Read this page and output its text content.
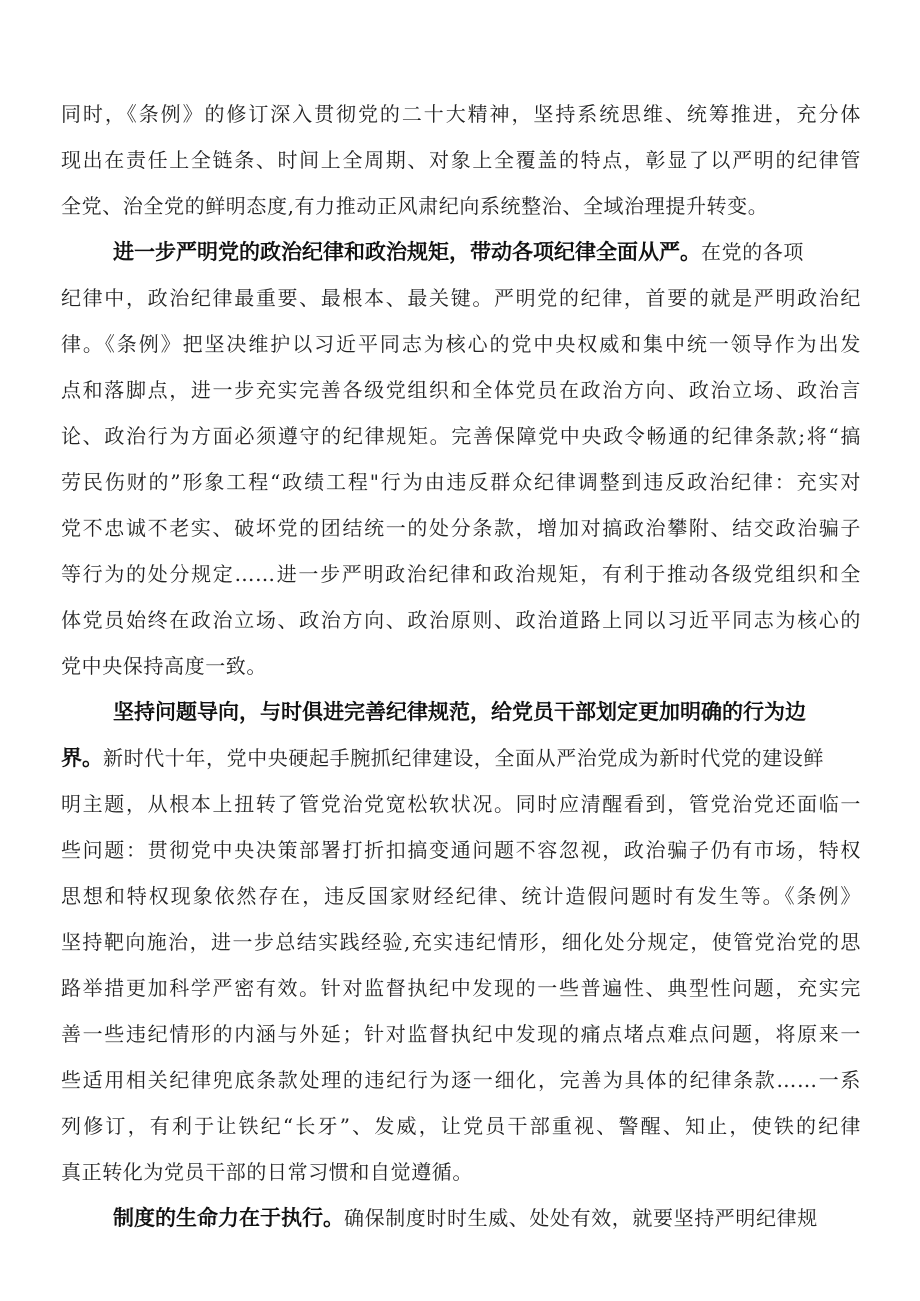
同时，《条例》的修订深入贯彻党的二十大精神，坚持系统思维、统筹推进，充分体
现出在责任上全链条、时间上全周期、对象上全覆盖的特点，彰显了以严明的纪律管
全党、治全党的鲜明态度,有力推动正风肃纪向系统整治、全域治理提升转变。
进一步严明党的政治纪律和政治规矩，带动各项纪律全面从严。在党的各项
纪律中，政治纪律最重要、最根本、最关键。严明党的纪律，首要的就是严明政治纪
律。《条例》把坚决维护以习近平同志为核心的党中央权威和集中统一领导作为出发
点和落脚点，进一步充实完善各级党组织和全体党员在政治方向、政治立场、政治言
论、政治行为方面必须遵守的纪律规矩。完善保障党中央政令畅通的纪律条款;将“搞
劳民伤财的”形象工程“政绩工程"行为由违反群众纪律调整到违反政治纪律：充实对
党不忠诚不老实、破坏党的团结统一的处分条款，增加对搞政治攀附、结交政治骗子
等行为的处分规定……进一步严明政治纪律和政治规矩，有利于推动各级党组织和全
体党员始终在政治立场、政治方向、政治原则、政治道路上同以习近平同志为核心的
党中央保持高度一致。
坚持问题导向，与时俱进完善纪律规范，给党员干部划定更加明确的行为边
界。新时代十年，党中央硬起手腕抓纪律建设，全面从严治党成为新时代党的建设鲜
明主题，从根本上扭转了管党治党宽松软状况。同时应清醒看到，管党治党还面临一
些问题：贯彻党中央决策部署打折扣搞变通问题不容忽视，政治骗子仍有市场，特权
思想和特权现象依然存在，违反国家财经纪律、统计造假问题时有发生等。《条例》
坚持靶向施治，进一步总结实践经验,充实违纪情形，细化处分规定，使管党治党的思
路举措更加科学严密有效。针对监督执纪中发现的一些普遍性、典型性问题，充实完
善一些违纪情形的内涵与外延；针对监督执纪中发现的痛点堵点难点问题，将原来一
些适用相关纪律兜底条款处理的违纪行为逐一细化，完善为具体的纪律条款……一系
列修订，有利于让铁纪“长牙”、发威，让党员干部重视、警醒、知止，使铁的纪律
真正转化为党员干部的日常习惯和自觉遵循。
制度的生命力在于执行。确保制度时时生威、处处有效，就要坚持严明纪律规
